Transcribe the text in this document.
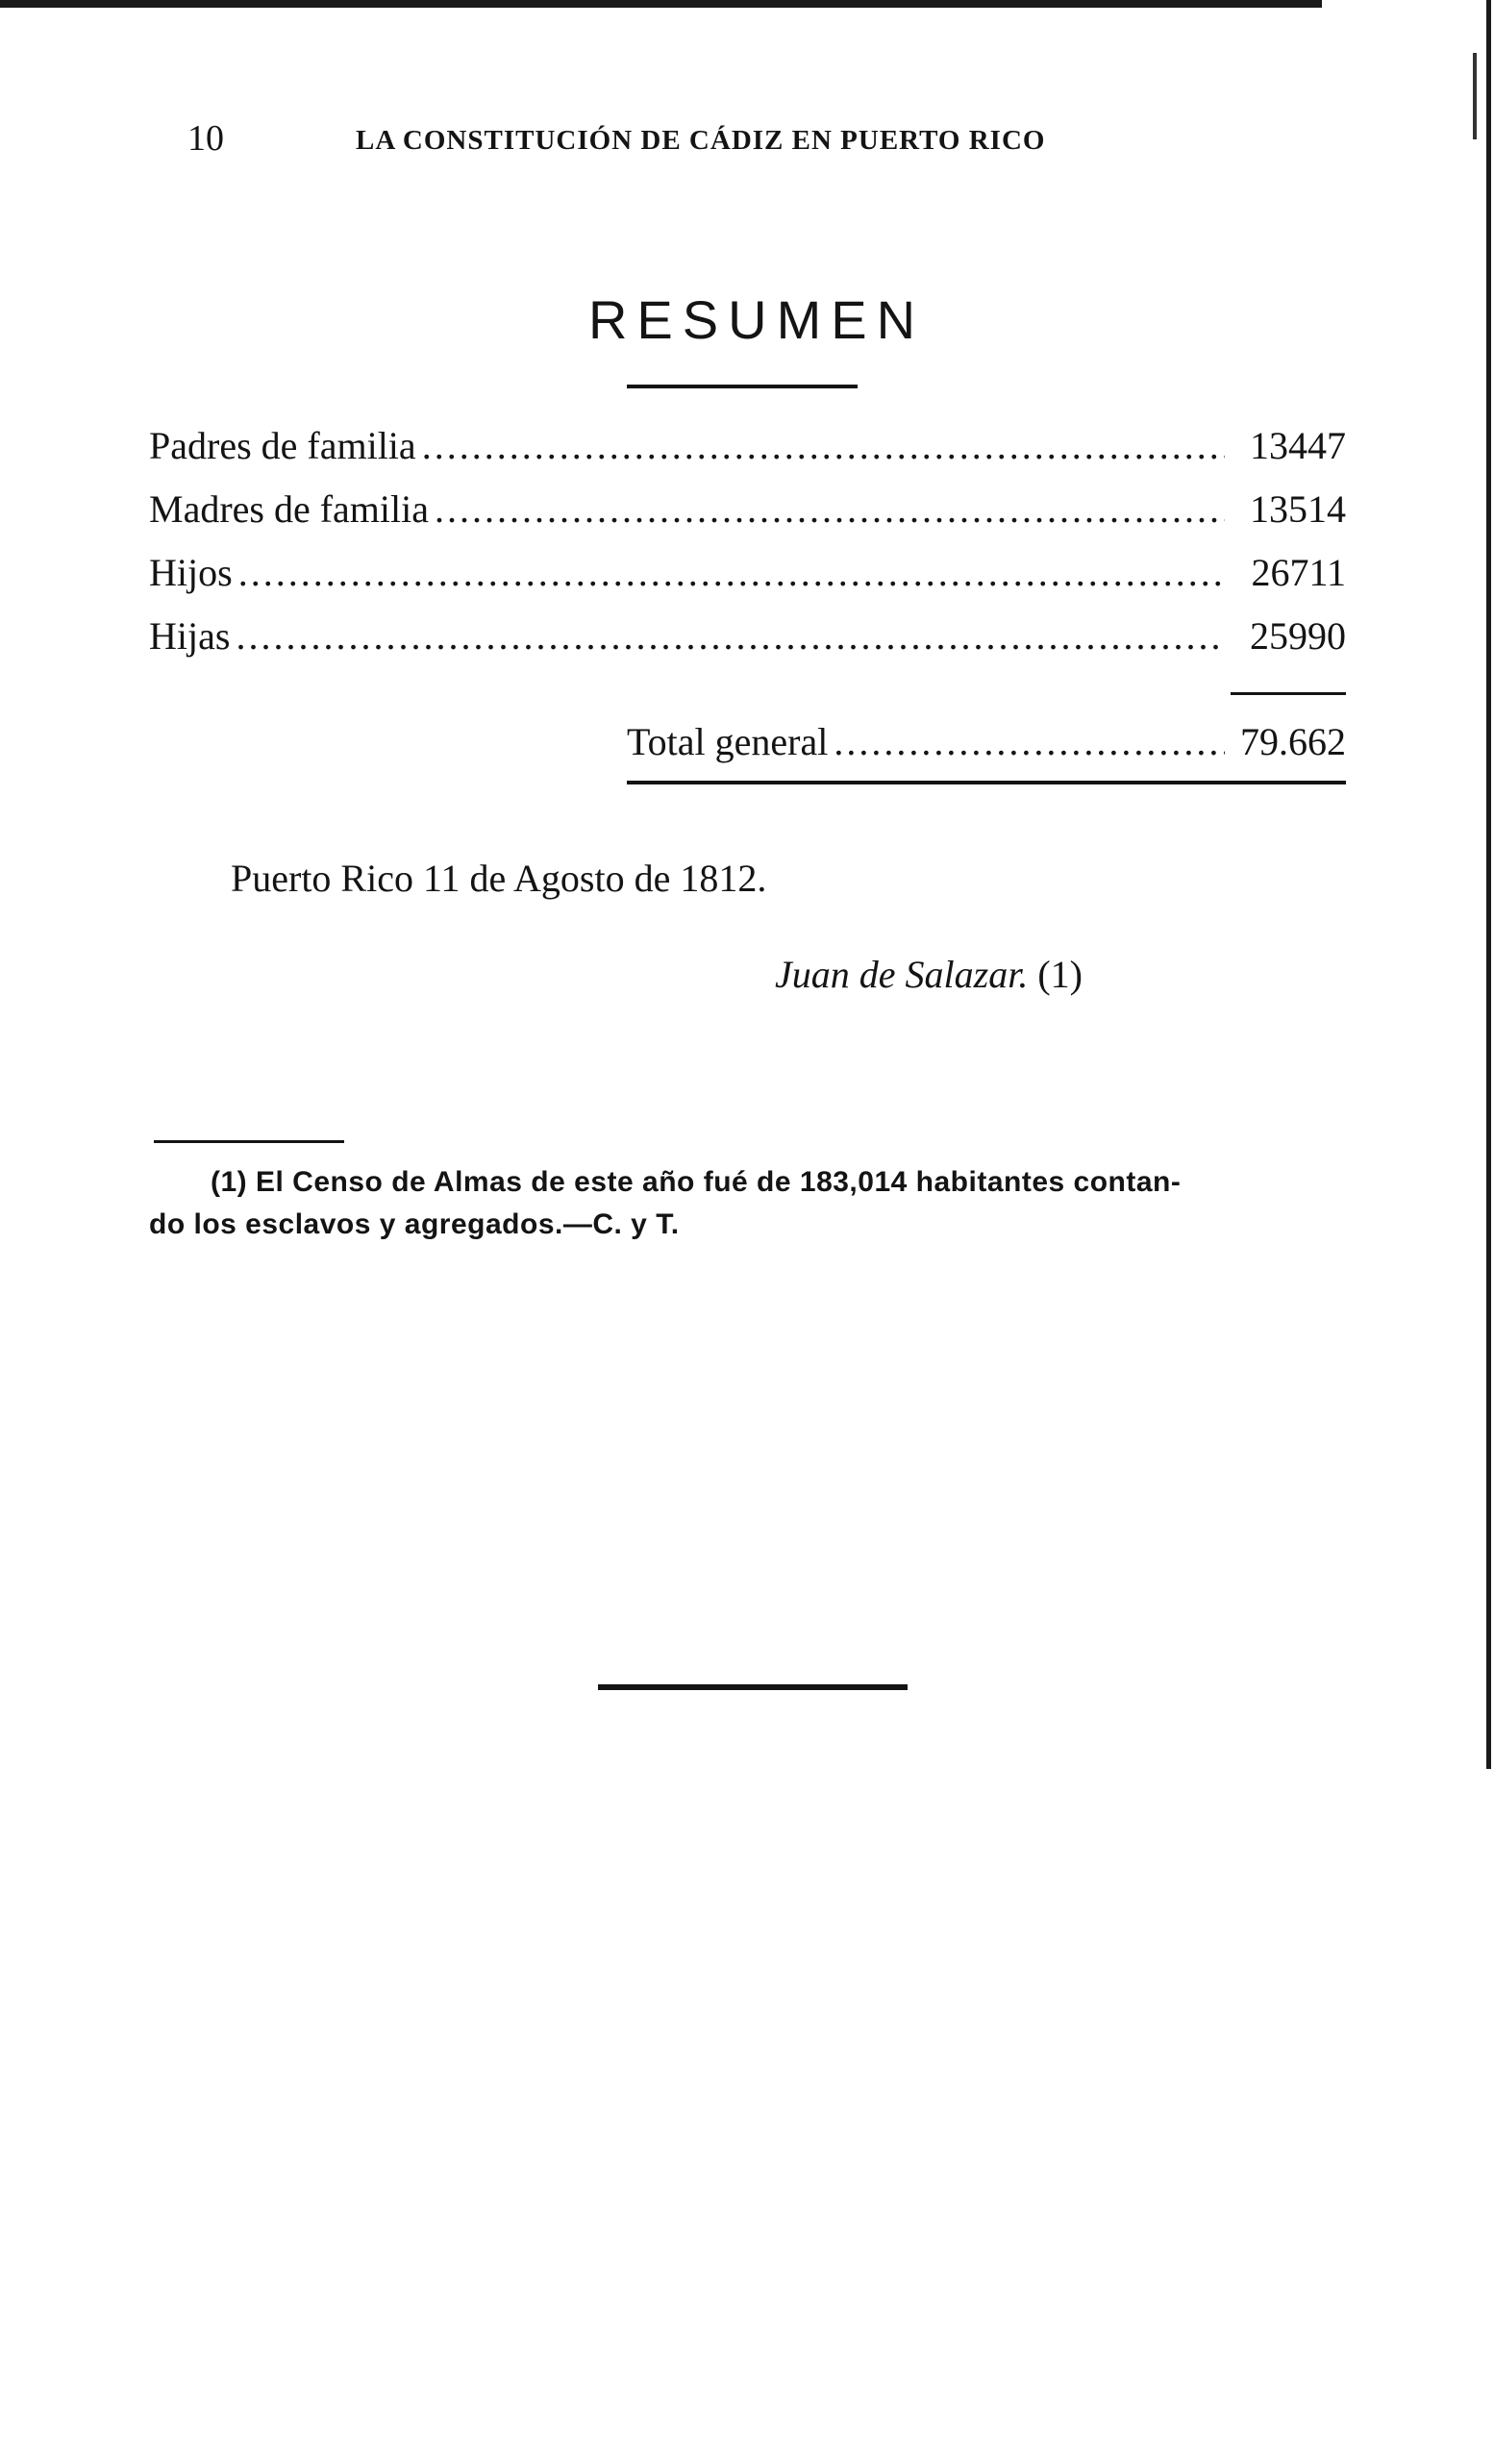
10	LA CONSTITUCIÓN DE CÁDIZ EN PUERTO RICO
RESUMEN
Padres de familia .....	13447
Madres de familia .....	13514
Hijos .....	26711
Hijas .....	25990
Total general .....	79.662
Puerto Rico 11 de Agosto de 1812.
Juan de Salazar. (1)
(1) El Censo de Almas de este año fué de 183,014 habitantes contan-
do los esclavos y agregados.—C. y T.
